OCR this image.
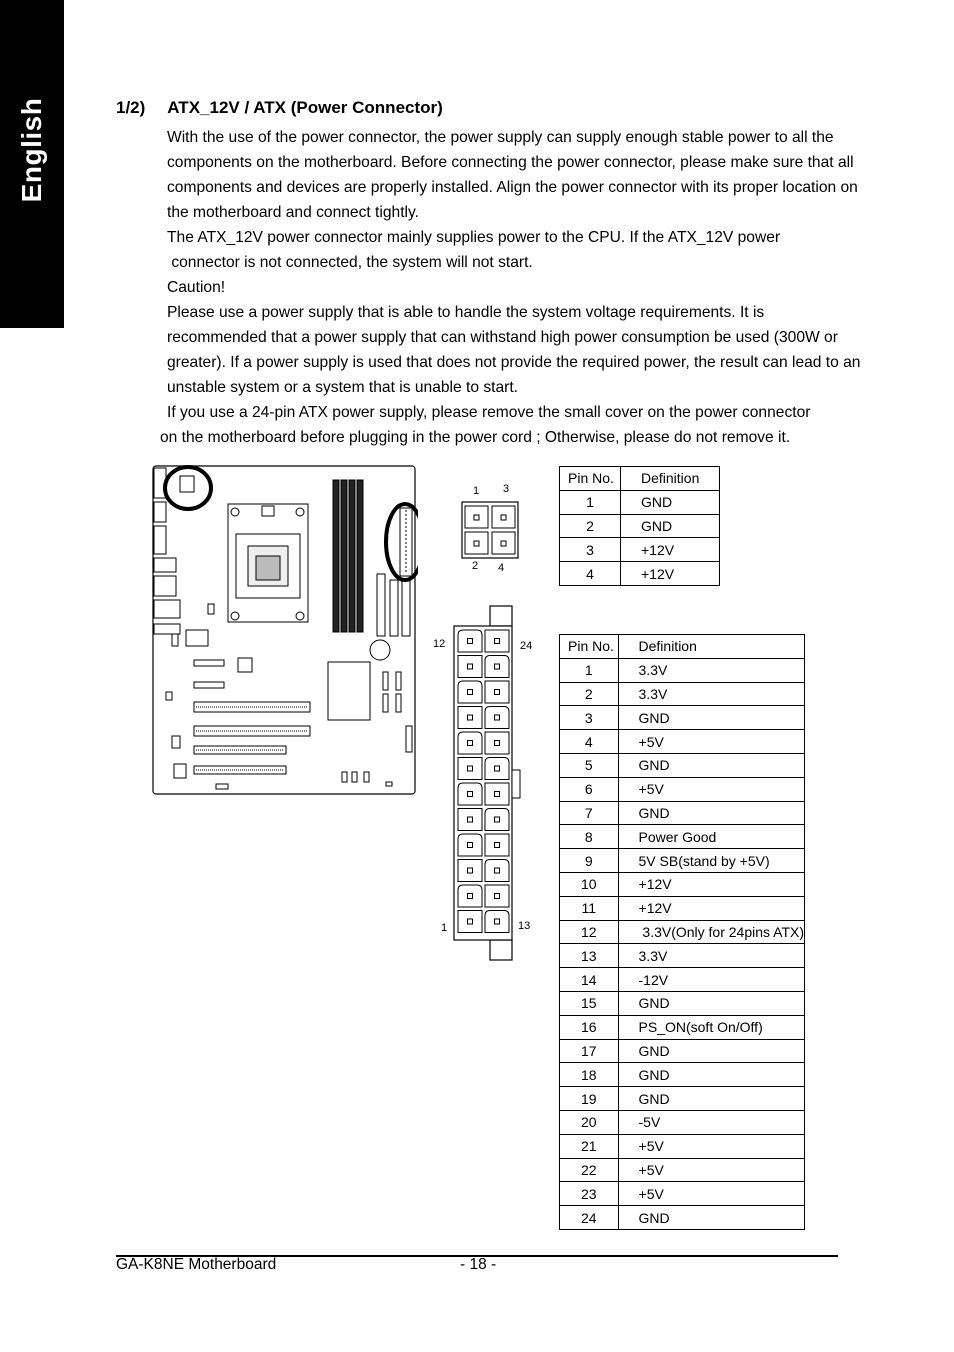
English	1/2) ATX_12V / ATX (Power Connector)

With the use of the power connector, the power supply can supply enough stable power to all the
components on the motherboard. Before connecting the power connector, please make sure that all
components and devices are properly installed. Align the power connector with its proper location on
the motherboard and connect tightly.

The ATX_12V power connector mainly supplies power to the CPU. If the ATX_12V power
connector is not connected, the system will not start.

Caution!

Please use a power supply that is able to handle the system voltage requirements. It is
recommended that a power supply that can withstand high power consumption be used (300W or
greater). If a power supply is used that does not provide the required power, the result can lead to an
unstable system or a system that is unable to start.

If you use a 24-pin ATX power supply, please remove the small cover on the power connector
on the motherboard before plugging in the power cord ; Otherwise, please do not remove it.

1 3
2 4
12	24
1	13
Pin No.	Definition
1	GND
2	GND
3	+12V
4	+12V
Pin No.	Definition
1	3.3V
2	3.3V
3	GND
4	+5V
5	GND
6	+5V
7	GND
8	Power Good
9	5V SB(stand by +5V)
10	+12V
11	+12V
12	3.3V(Only for 24pins ATX)
13	3.3V
14	-12V
15	GND
16	PS_ON(soft On/Off)
17	GND
18	GND
19	GND
20	-5V
21	+5V
22	+5V
23	+5V
24	GND
GA-K8NE Motherboard	- 18 -
